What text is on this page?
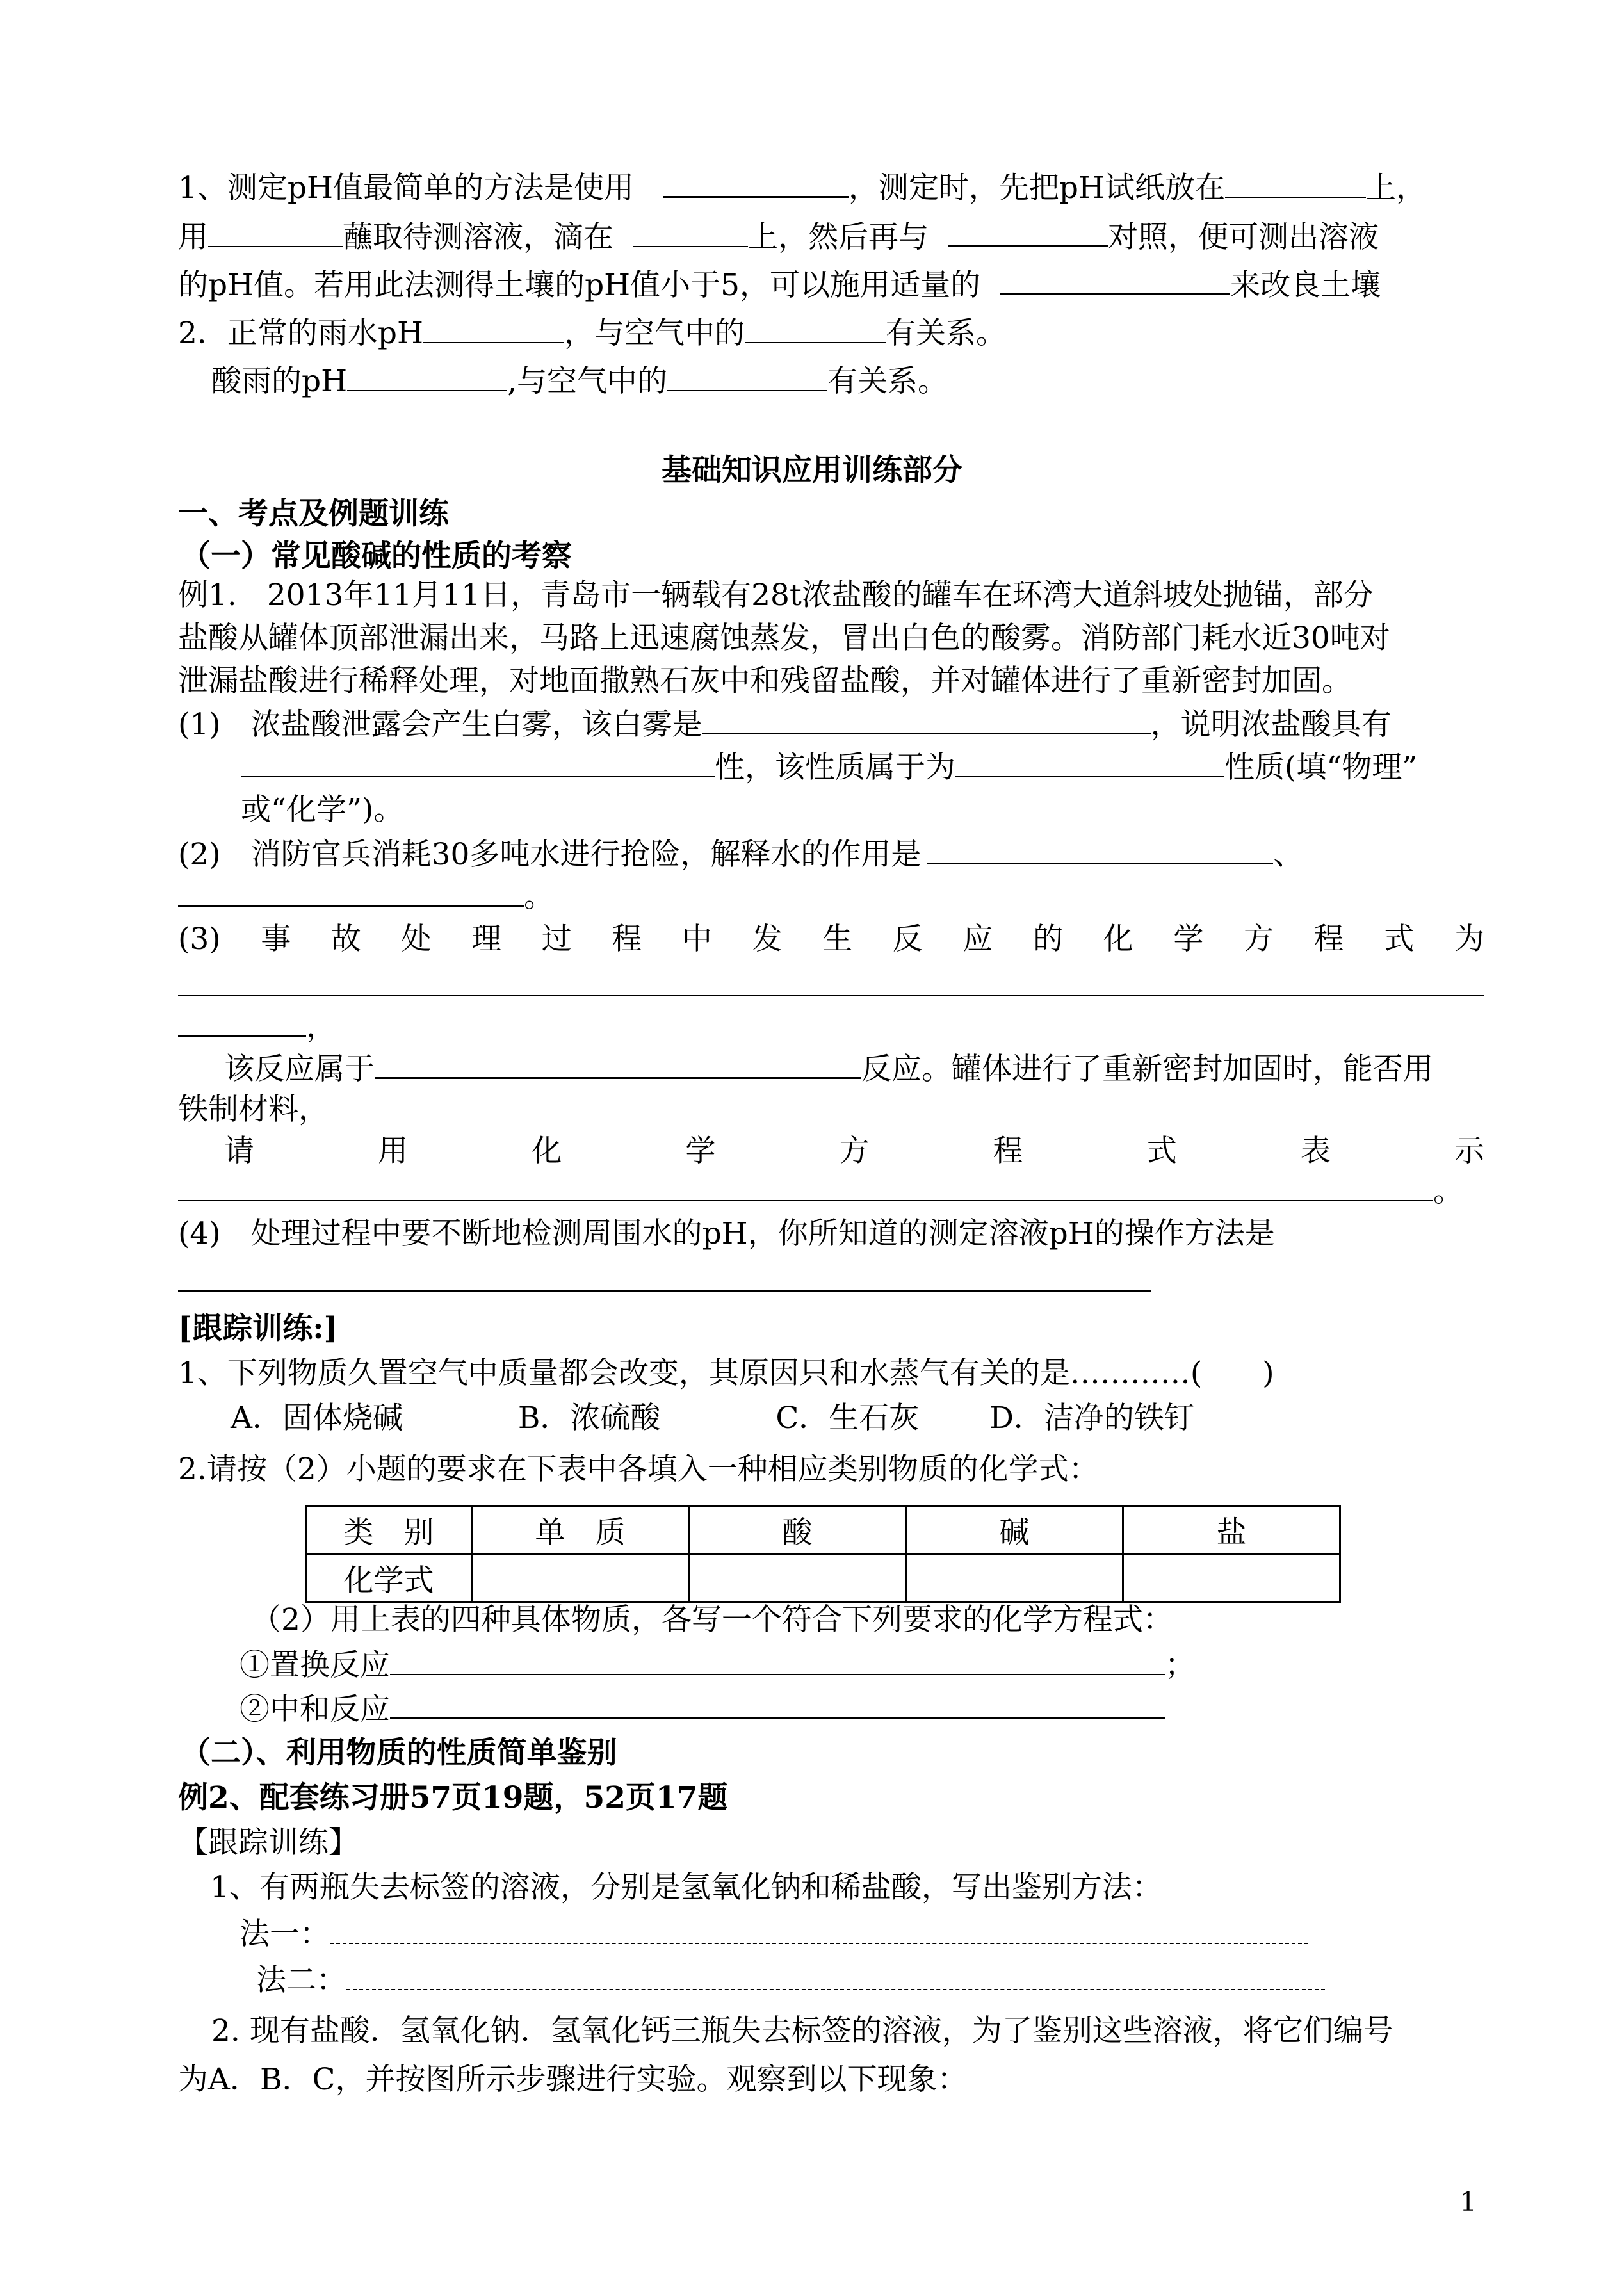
1、测定pH值最简单的方法是使用	，测定时，先把pH试纸放在	上，
用	蘸取待测溶液，滴在	上，然后再与	对照，便可测出溶液
的pH值。若用此法测得土壤的pH值小于5，可以施用适量的	来改良土壤
2．正常的雨水pH	，与空气中的	有关系。
酸雨的pH	,与空气中的	有关系。
基础知识应用训练部分
一、考点及例题训练
（一）常见酸碱的性质的考察
例1.　2013年11月11日，青岛市一辆载有28t浓盐酸的罐车在环湾大道斜坡处抛锚，部分
盐酸从罐体顶部泄漏出来，马路上迅速腐蚀蒸发，冒出白色的酸雾。消防部门耗水近30吨对
泄漏盐酸进行稀释处理，对地面撒熟石灰中和残留盐酸，并对罐体进行了重新密封加固。
(1)　浓盐酸泄露会产生白雾，该白雾是	，说明浓盐酸具有
性，该性质属于为	性质(填“物理”
或“化学”)。
(2)　消防官兵消耗30多吨水进行抢险，解释水的作用是	、
。
(3) 事 故 处 理 过 程 中 发 生 反 应 的 化 学 方 程 式 为
，
该反应属于	反应。罐体进行了重新密封加固时，能否用
铁制材料，
请	用	化	学	方	程	式	表	示
。
(4)　处理过程中要不断地检测周围水的pH，你所知道的测定溶液pH的操作方法是
[跟踪训练:]
1、下列物质久置空气中质量都会改变，其原因只和水蒸气有关的是…………(　　)
A．固体烧碱	B．浓硫酸	C．生石灰 D．洁净的铁钉
2.请按（2）小题的要求在下表中各填入一种相应类别物质的化学式：
类　别	单　质	酸	碱	盐
化学式				
（2）用上表的四种具体物质，各写一个符合下列要求的化学方程式：
①置换反应	；
②中和反应
（二）、利用物质的性质简单鉴别
例2、配套练习册57页19题，52页17题
【跟踪训练】
1、有两瓶失去标签的溶液，分别是氢氧化钠和稀盐酸，写出鉴别方法：
法一：
法二：
2. 现有盐酸．氢氧化钠．氢氧化钙三瓶失去标签的溶液，为了鉴别这些溶液，将它们编号
为A．B．C，并按图所示步骤进行实验。观察到以下现象：
1
